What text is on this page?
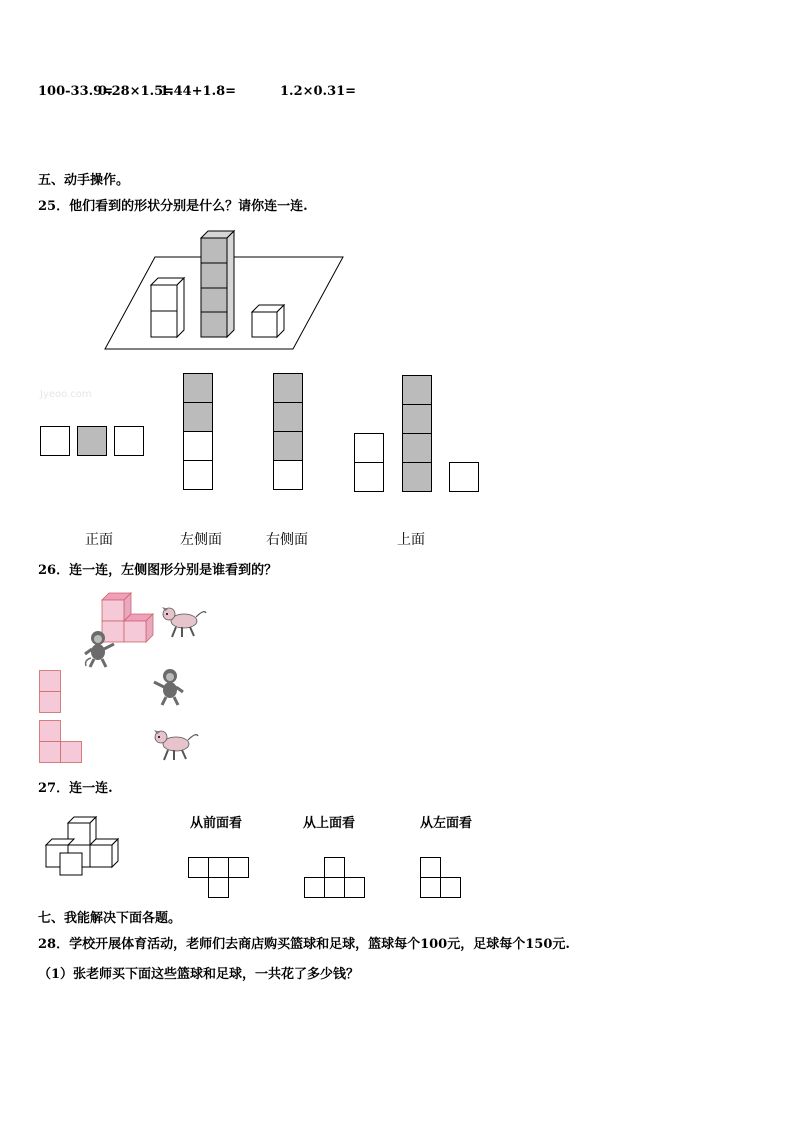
100-33.9=
0.28×1.5=
1.44+1.8=	1.2×0.31=
五、动手操作。
25．他们看到的形状分别是什么？请你连一连.
Jyeoo.com
正面	左侧面	右侧面	上面
26．连一连，左侧图形分别是谁看到的？
27．连一连.
从前面看	从上面看	从左面看
七、我能解决下面各题。
28．学校开展体育活动，老师们去商店购买篮球和足球，篮球每个100元，足球每个150元.
（1）张老师买下面这些篮球和足球，一共花了多少钱？
